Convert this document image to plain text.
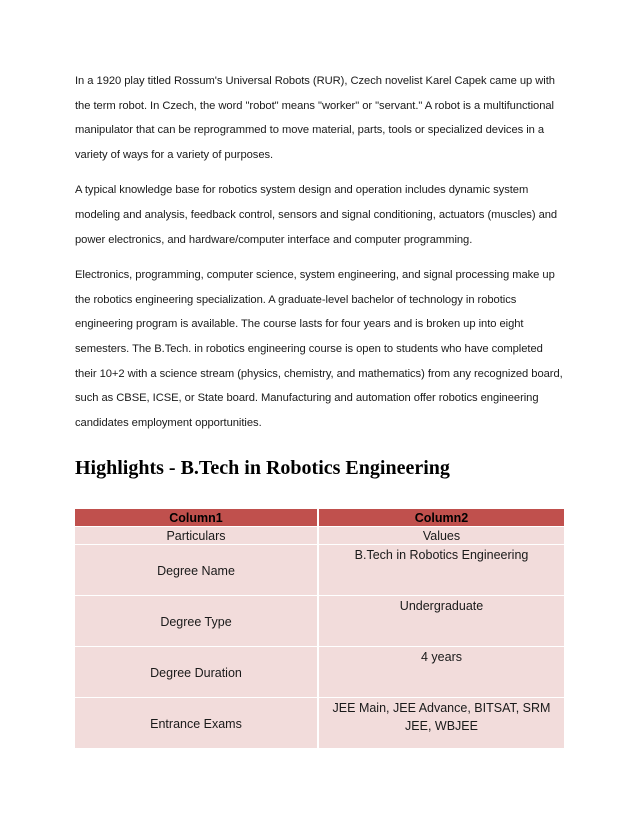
In a 1920 play titled Rossum's Universal Robots (RUR), Czech novelist Karel Capek came up with the term robot. In Czech, the word "robot" means "worker" or "servant." A robot is a multifunctional manipulator that can be reprogrammed to move material, parts, tools or specialized devices in a variety of ways for a variety of purposes.

A typical knowledge base for robotics system design and operation includes dynamic system modeling and analysis, feedback control, sensors and signal conditioning, actuators (muscles) and power electronics, and hardware/computer interface and computer programming.

Electronics, programming, computer science, system engineering, and signal processing make up the robotics engineering specialization. A graduate-level bachelor of technology in robotics engineering program is available. The course lasts for four years and is broken up into eight semesters. The B.Tech. in robotics engineering course is open to students who have completed their 10+2 with a science stream (physics, chemistry, and mathematics) from any recognized board, such as CBSE, ICSE, or State board. Manufacturing and automation offer robotics engineering candidates employment opportunities.

Highlights - B.Tech in Robotics Engineering
Column1	Column2
Particulars	Values
Degree Name	B.Tech in Robotics Engineering
Degree Type	Undergraduate
Degree Duration	4 years
Entrance Exams	JEE Main, JEE Advance, BITSAT, SRM JEE, WBJEE
